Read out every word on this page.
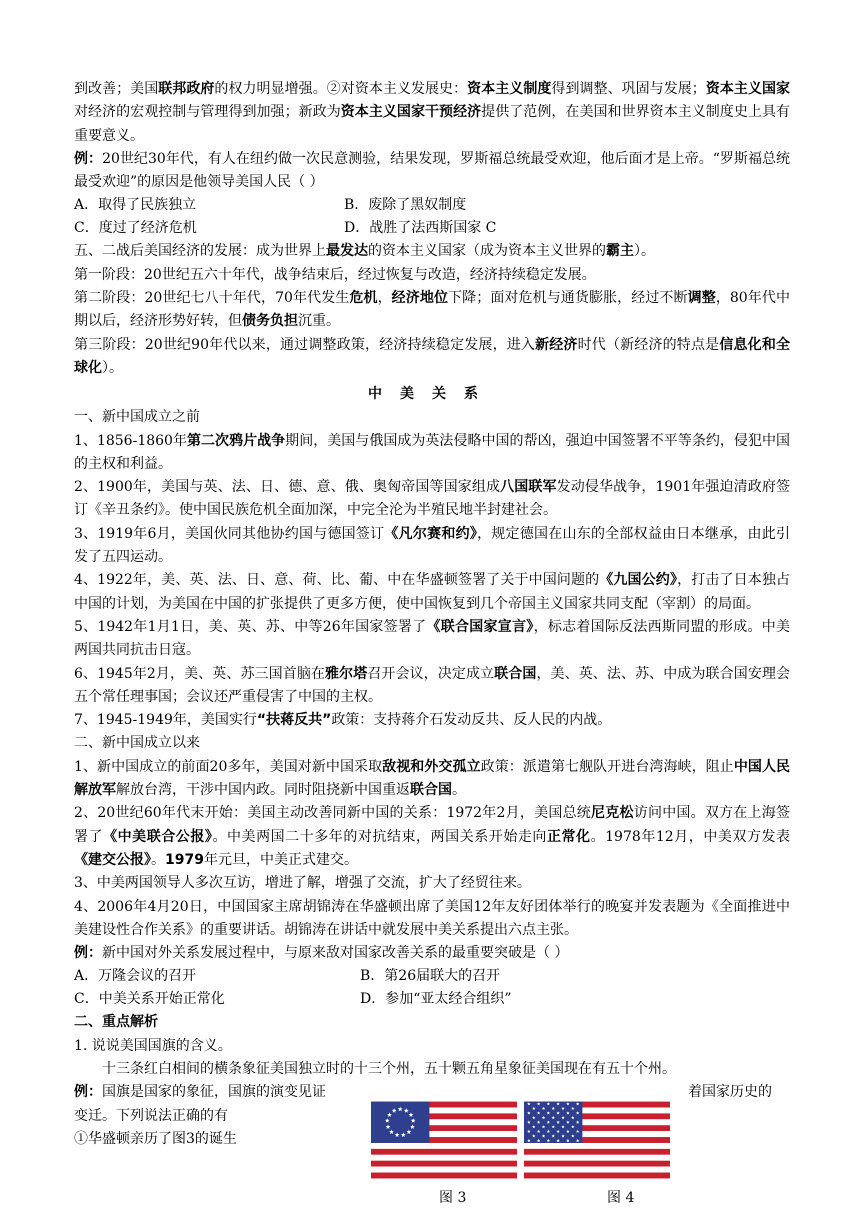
到改善；美国联邦政府的权力明显增强。②对资本主义发展史：资本主义制度得到调整、巩固与发展；资本主义国家对经济的宏观控制与管理得到加强；新政为资本主义国家干预经济提供了范例，在美国和世界资本主义制度史上具有重要意义。

例：20世纪30年代，有人在纽约做一次民意测验，结果发现，罗斯福总统最受欢迎，他后面才是上帝。“罗斯福总统最受欢迎”的原因是他领导美国人民（ ）

A．取得了民族独立	B．废除了黑奴制度
C．度过了经济危机	D．战胜了法西斯国家 C

五、二战后美国经济的发展：成为世界上最发达的资本主义国家（成为资本主义世界的霸主）。

第一阶段：20世纪五六十年代，战争结束后，经过恢复与改造，经济持续稳定发展。

第二阶段：20世纪七八十年代，70年代发生危机，经济地位下降；面对危机与通货膨胀，经过不断调整，80年代中期以后，经济形势好转，但债务负担沉重。

第三阶段：20世纪90年代以来，通过调整政策，经济持续稳定发展，进入新经济时代（新经济的特点是信息化和全球化）。

中美关系

一、新中国成立之前

1、1856-1860年第二次鸦片战争期间，美国与俄国成为英法侵略中国的帮凶，强迫中国签署不平等条约，侵犯中国的主权和利益。

2、1900年，美国与英、法、日、德、意、俄、奥匈帝国等国家组成八国联军发动侵华战争，1901年强迫清政府签订《辛丑条约》。使中国民族危机全面加深，中完全沦为半殖民地半封建社会。

3、1919年6月，美国伙同其他协约国与德国签订《凡尔赛和约》，规定德国在山东的全部权益由日本继承，由此引发了五四运动。

4、1922年，美、英、法、日、意、荷、比、葡、中在华盛顿签署了关于中国问题的《九国公约》，打击了日本独占中国的计划，为美国在中国的扩张提供了更多方便，使中国恢复到几个帝国主义国家共同支配（宰割）的局面。

5、1942年1月1日，美、英、苏、中等26年国家签署了《联合国家宣言》，标志着国际反法西斯同盟的形成。中美两国共同抗击日寇。

6、1945年2月，美、英、苏三国首脑在雅尔塔召开会议，决定成立联合国，美、英、法、苏、中成为联合国安理会五个常任理事国；会议还严重侵害了中国的主权。

7、1945-1949年，美国实行“扶蒋反共”政策：支持蒋介石发动反共、反人民的内战。

二、新中国成立以来

1、新中国成立的前面20多年，美国对新中国采取敌视和外交孤立政策：派遣第七舰队开进台湾海峡，阻止中国人民解放军解放台湾，干涉中国内政。同时阻挠新中国重返联合国。

2、20世纪60年代末开始：美国主动改善同新中国的关系：1972年2月，美国总统尼克松访问中国。双方在上海签署了《中美联合公报》。中美两国二十多年的对抗结束，两国关系开始走向正常化。1978年12月，中美双方发表《建交公报》。1979年元旦，中美正式建交。

3、中美两国领导人多次互访，增进了解，增强了交流，扩大了经贸往来。

4、2006年4月20日，中国国家主席胡锦涛在华盛顿出席了美国12年友好团体举行的晚宴并发表题为《全面推进中美建设性合作关系》的重要讲话。胡锦涛在讲话中就发展中美关系提出六点主张。

例：新中国对外关系发展过程中，与原来敌对国家改善关系的最重要突破是（ ）

A．万隆会议的召开	B．第26届联大的召开
C．中美关系开始正常化	D．参加“亚太经合组织”

二、重点解析

1. 说说美国国旗的含义。

十三条红白相间的横条象征美国独立时的十三个州，五十颗五角星象征美国现在有五十个州。

例：国旗是国家的象征，国旗的演变见证

变迁。下列说法正确的有

①华盛顿亲历了图3的诞生

着国家历史的
图 3	图 4
